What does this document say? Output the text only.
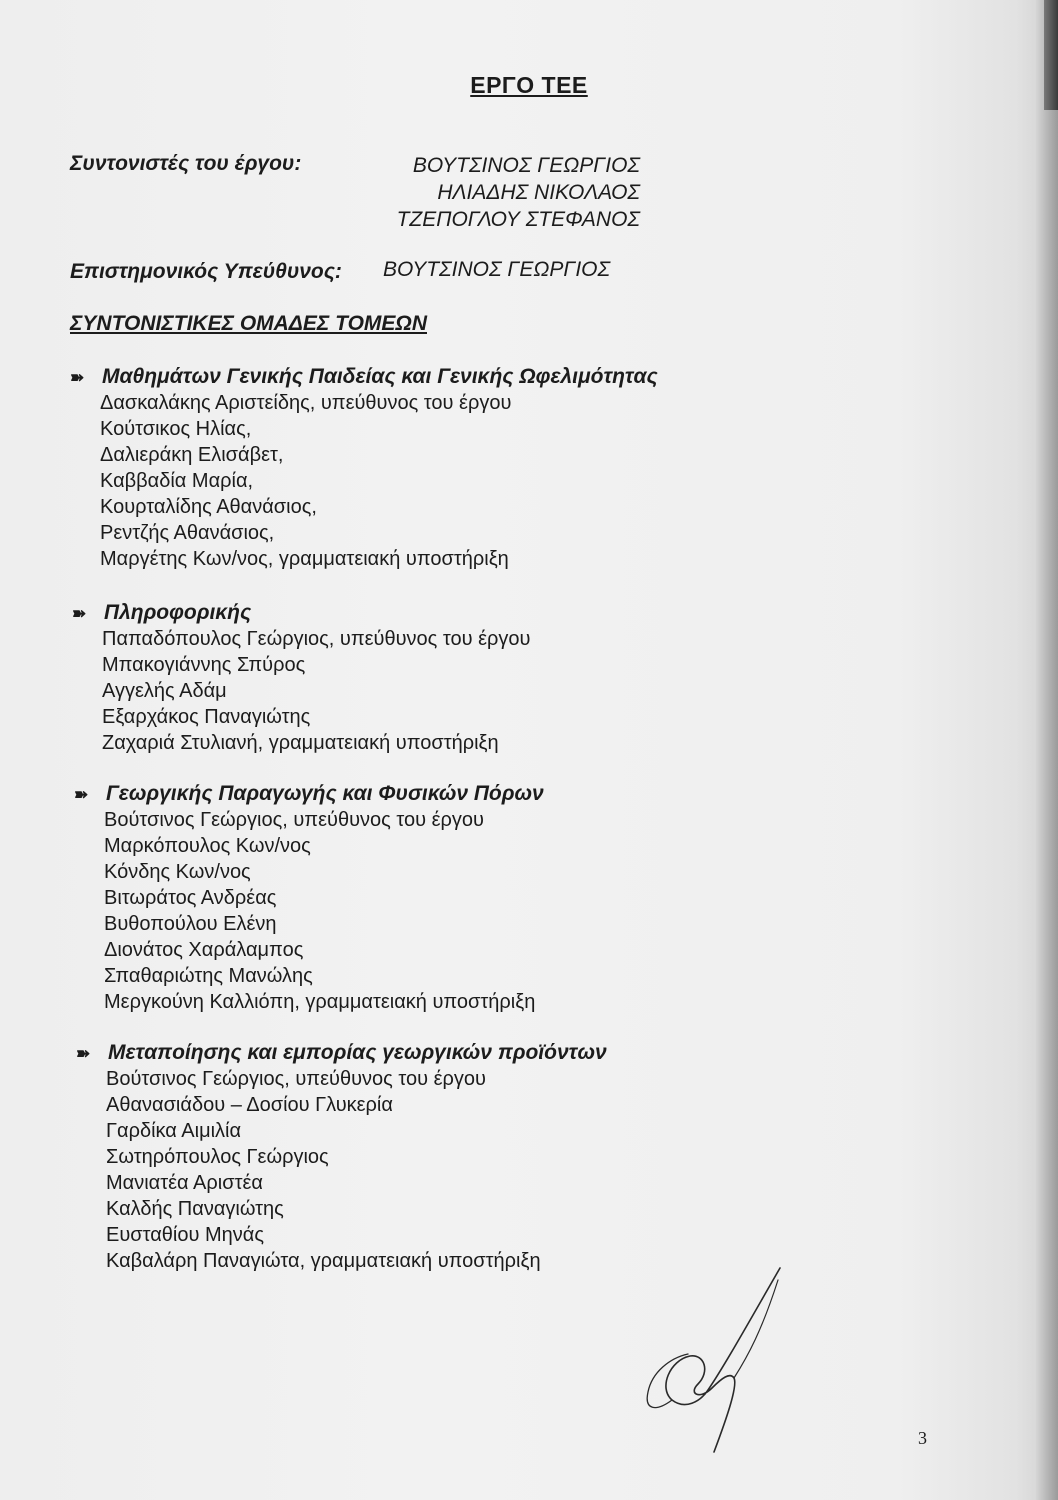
ΕΡΓΟ ΤΕΕ
Συντονιστές του έργου:	ΒΟΥΤΣΙΝΟΣ ΓΕΩΡΓΙΟΣ
ΗΛΙΑΔΗΣ ΝΙΚΟΛΑΟΣ
ΤΖΕΠΟΓΛΟΥ ΣΤΕΦΑΝΟΣ
Επιστημονικός Υπεύθυνος: ΒΟΥΤΣΙΝΟΣ ΓΕΩΡΓΙΟΣ
ΣΥΝΤΟΝΙΣΤΙΚΕΣ ΟΜΑΔΕΣ ΤΟΜΕΩΝ
➽ Μαθημάτων Γενικής Παιδείας και Γενικής Ωφελιμότητας
Δασκαλάκης Αριστείδης, υπεύθυνος του έργου
Κούτσικος Ηλίας,
Δαλιεράκη Ελισάβετ,
Καββαδία Μαρία,
Κουρταλίδης Αθανάσιος,
Ρεντζής Αθανάσιος,
Μαργέτης Κων/νος, γραμματειακή υποστήριξη
➽ Πληροφορικής
Παπαδόπουλος Γεώργιος, υπεύθυνος του έργου
Μπακογιάννης Σπύρος
Αγγελής Αδάμ
Εξαρχάκος Παναγιώτης
Ζαχαριά Στυλιανή, γραμματειακή υποστήριξη
➽ Γεωργικής Παραγωγής και Φυσικών Πόρων
Βούτσινος Γεώργιος, υπεύθυνος του έργου
Μαρκόπουλος Κων/νος
Κόνδης Κων/νος
Βιτωράτος Ανδρέας
Βυθοπούλου Ελένη
Διονάτος Χαράλαμπος
Σπαθαριώτης Μανώλης
Μεργκούνη Καλλιόπη, γραμματειακή υποστήριξη
➽ Μεταποίησης και εμπορίας γεωργικών προϊόντων
Βούτσινος Γεώργιος, υπεύθυνος του έργου
Αθανασιάδου – Δοσίου Γλυκερία
Γαρδίκα Αιμιλία
Σωτηρόπουλος Γεώργιος
Μανιατέα Αριστέα
Καλδής Παναγιώτης
Ευσταθίου Μηνάς
Καβαλάρη Παναγιώτα, γραμματειακή υποστήριξη
3
